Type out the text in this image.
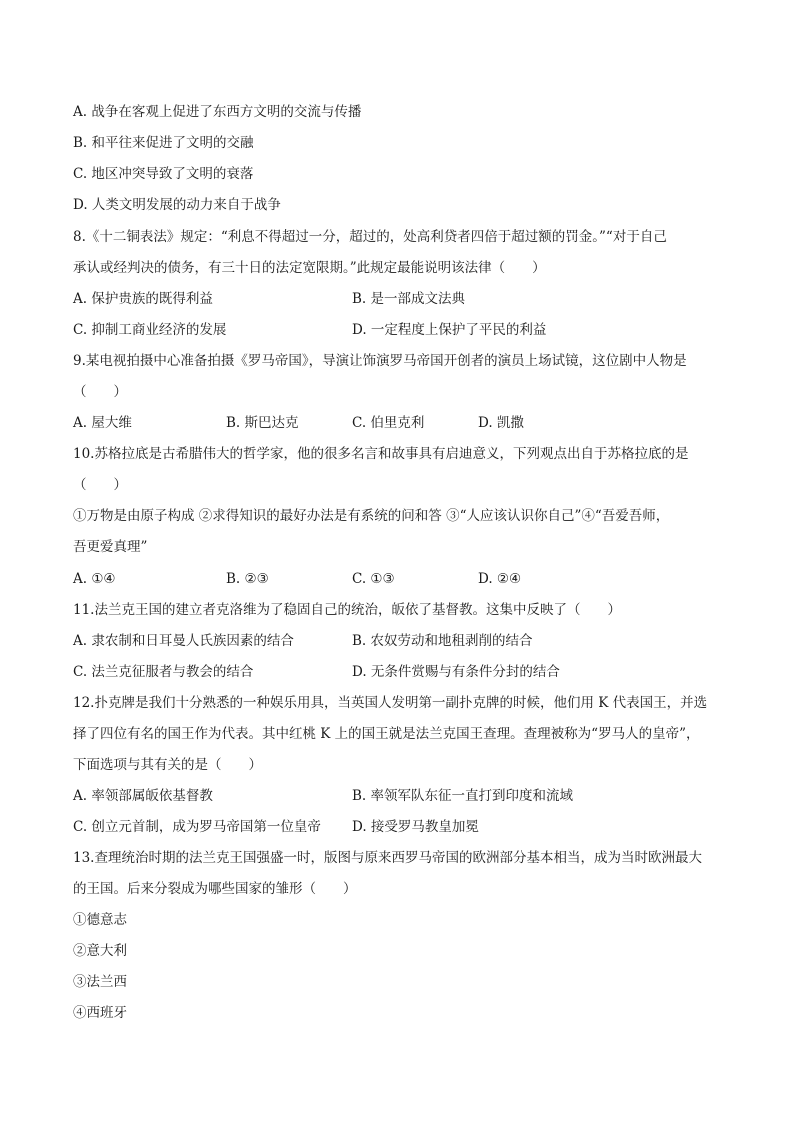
A. 战争在客观上促进了东西方文明的交流与传播

B. 和平往来促进了文明的交融

C. 地区冲突导致了文明的衰落

D. 人类文明发展的动力来自于战争

8.《十二铜表法》规定：“利息不得超过一分，超过的，处高利贷者四倍于超过额的罚金。”“对于自己

承认或经判决的债务，有三十日的法定宽限期。”此规定最能说明该法律（　　）

A. 保护贵族的既得利益	B. 是一部成文法典

C. 抑制工商业经济的发展	D. 一定程度上保护了平民的利益

9.某电视拍摄中心准备拍摄《罗马帝国》，导演让饰演罗马帝国开创者的演员上场试镜，这位剧中人物是

（　　）

A. 屋大维	B. 斯巴达克	C. 伯里克利	D. 凯撒

10.苏格拉底是古希腊伟大的哲学家，他的很多名言和故事具有启迪意义，下列观点出自于苏格拉底的是

（　　）

①万物是由原子构成 ②求得知识的最好办法是有系统的问和答 ③“人应该认识你自己”④“吾爱吾师，

吾更爱真理”

A. ①④	B. ②③	C. ①③	D. ②④

11.法兰克王国的建立者克洛维为了稳固自己的统治，皈依了基督教。这集中反映了（　　）

A. 隶农制和日耳曼人氏族因素的结合	B. 农奴劳动和地租剥削的结合

C. 法兰克征服者与教会的结合	D. 无条件赏赐与有条件分封的结合

12.扑克牌是我们十分熟悉的一种娱乐用具，当英国人发明第一副扑克牌的时候，他们用 K 代表国王，并选

择了四位有名的国王作为代表。其中红桃 K 上的国王就是法兰克国王查理。查理被称为“罗马人的皇帝”，

下面选项与其有关的是（　　）

A. 率领部属皈依基督教	B. 率领军队东征一直打到印度和流域

C. 创立元首制，成为罗马帝国第一位皇帝 D. 接受罗马教皇加冕

13.查理统治时期的法兰克王国强盛一时，版图与原来西罗马帝国的欧洲部分基本相当，成为当时欧洲最大

的王国。后来分裂成为哪些国家的雏形（　　）

①德意志

②意大利

③法兰西

④西班牙
